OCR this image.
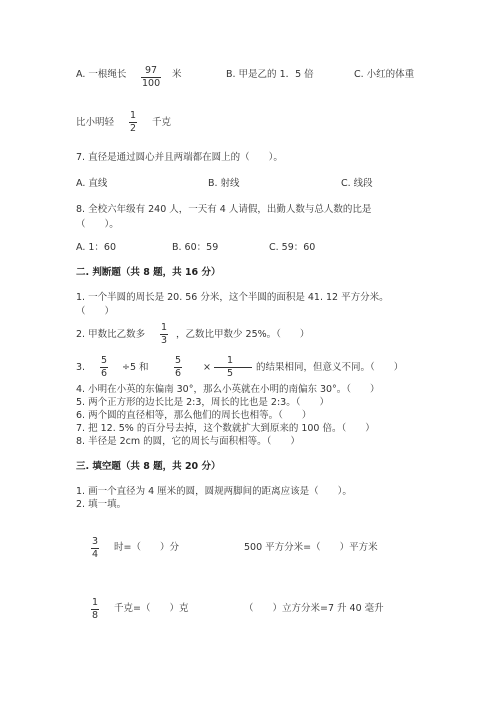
A. 一根绳长 $\frac{97}{100}$ 米	B. 甲是乙的 1．5 倍	C. 小红的体重
比小明轻 $\frac{1}{2}$ 千克
7. 直径是通过圆心并且两端都在圆上的（　　）。
A. 直线	B. 射线	C. 线段
8. 全校六年级有 240 人，一天有 4 人请假，出勤人数与总人数的比是
（　　）。
A. 1：60	B. 60：59	C. 59：60
二. 判断题（共 8 题，共 16 分）
1. 一个半圆的周长是 20. 56 分米，这个半圆的面积是 41. 12 平方分米。
（　　）
2. 甲数比乙数多 $\frac{1}{3}$ ，乙数比甲数少 25%。（　　）
3. $\frac{5}{6} \div 5$ 和	$\frac{5}{6} \times \frac{1}{5}$ 的结果相同，但意义不同。（　　）
4. 小明在小英的东偏南 30°，那么小英就在小明的南偏东 30°。（　　）
5. 两个正方形的边长比是 2:3，周长的比也是 2:3。（　　）
6. 两个圆的直径相等，那么他们的周长也相等。（　　）
7. 把 12. 5% 的百分号去掉，这个数就扩大到原来的 100 倍。（　　）
8. 半径是 2cm 的圆，它的周长与面积相等。（　　）
三. 填空题（共 8 题，共 20 分）
1. 画一个直径为 4 厘米的圆，圆规两脚间的距离应该是（　　）。
2. 填一填。
$\frac{3}{4}$ 时=（　　）分	500 平方分米=（　　）平方米
$\frac{1}{8}$ 千克=（　　）克	（　　）立方分米=7 升 40 毫升
